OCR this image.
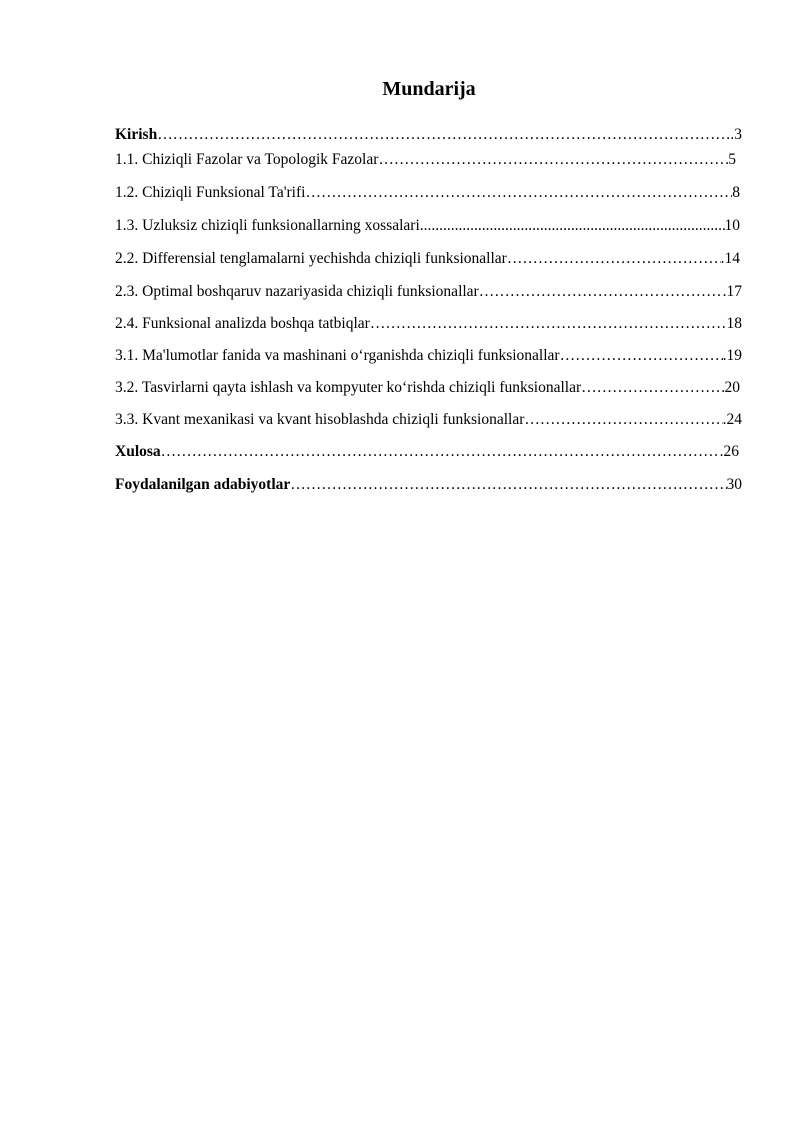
Mundarija
Kirish ……………………………………………………………………………………………………………………………………………………………………………………	.3
1.1. Chiziqli Fazolar va Topologik Fazolar ……………………………………………………………………………………………………………………………………………………………………………………	5
1.2. Chiziqli Funksional Ta'rifi ……………………………………………………………………………………………………………………………………………………………………………………	8
1.3. Uzluksiz chiziqli funksionallarning xossalari .....	10
2.2. Differensial tenglamalarni yechishda chiziqli funksionallar ……………………………………………………………………………………………………………………………………………………………………………………	.14
2.3. Optimal boshqaruv nazariyasida chiziqli funksionallar ……………………………………………………………………………………………………………………………………………………………………………………	.17
2.4. Funksional analizda boshqa tatbiqlar ……………………………………………………………………………………………………………………………………………………………………………………	18
3.1. Ma'lumotlar fanida va mashinani o‘rganishda chiziqli funksionallar ……………………………………………………………………………………………………………………………………………………………………………………	.19
3.2. Tasvirlarni qayta ishlash va kompyuter ko‘rishda chiziqli funksionallar ……………………………………………………………………………………………………………………………………………………………………………………	20
3.3. Kvant mexanikasi va kvant hisoblashda chiziqli funksionallar ……………………………………………………………………………………………………………………………………………………………………………………	.24
Xulosa ……………………………………………………………………………………………………………………………………………………………………………………	.26
Foydalanilgan adabiyotlar ……………………………………………………………………………………………………………………………………………………………………………………	30
